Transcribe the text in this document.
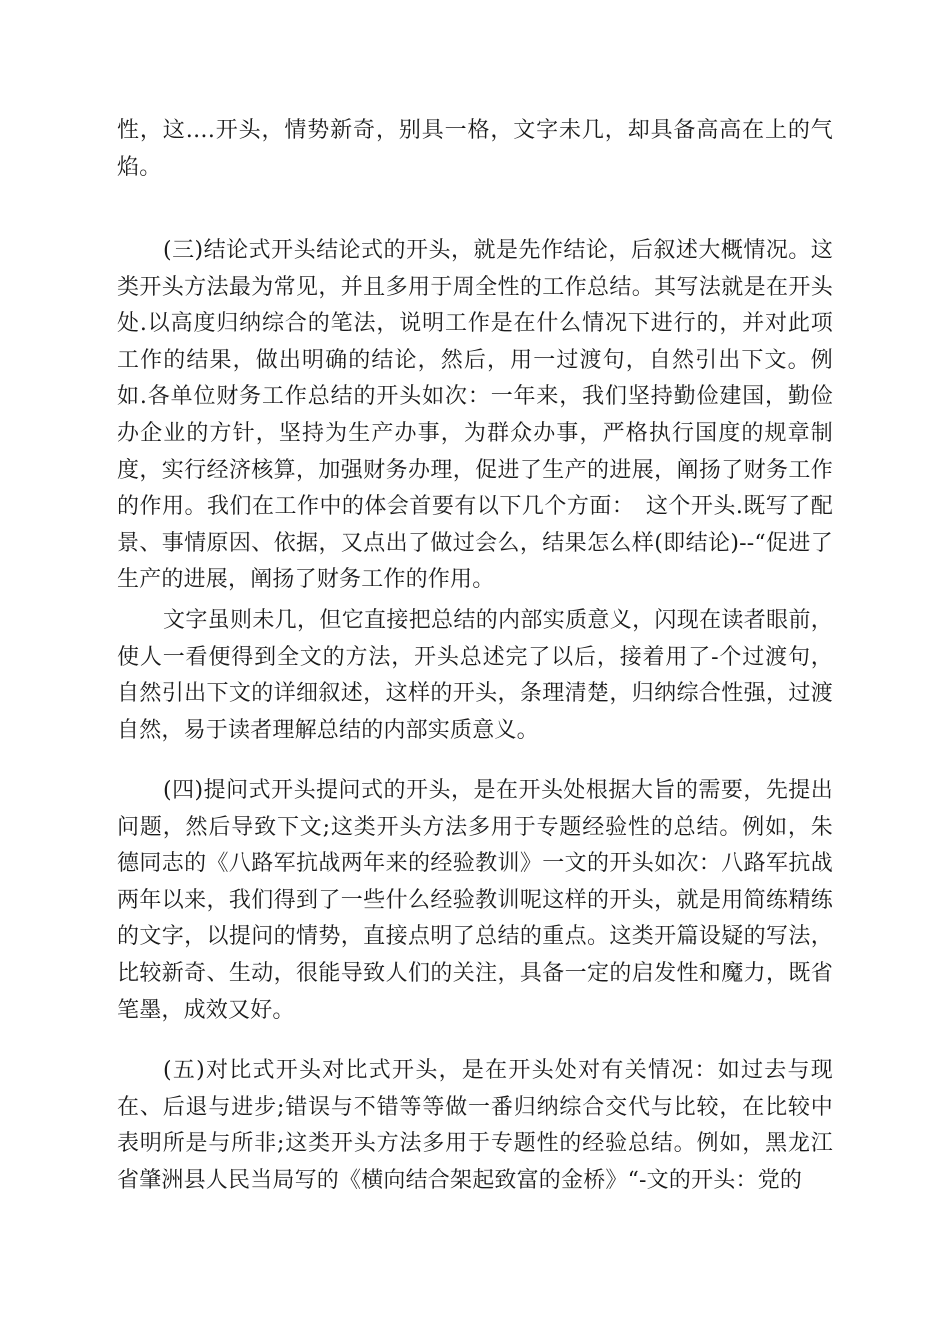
性，这….开头，情势新奇，别具一格，文字未几，却具备高高在上的气焰。

(三)结论式开头结论式的开头，就是先作结论，后叙述大概情况。这类开头方法最为常见，并且多用于周全性的工作总结。其写法就是在开头处.以高度归纳综合的笔法，说明工作是在什么情况下进行的，并对此项工作的结果，做出明确的结论，然后，用一过渡句，自然引出下文。例如.各单位财务工作总结的开头如次：一年来，我们坚持勤俭建国，勤俭办企业的方针，坚持为生产办事，为群众办事，严格执行国度的规章制度，实行经济核算，加强财务办理，促进了生产的进展，阐扬了财务工作的作用。我们在工作中的体会首要有以下几个方面：　这个开头.既写了配景、事情原因、依据，又点出了做过会么，结果怎么样(即结论)--“促进了生产的进展，阐扬了财务工作的作用。

文字虽则未几，但它直接把总结的内部实质意义，闪现在读者眼前，使人一看便得到全文的方法，开头总述完了以后，接着用了-个过渡句，自然引出下文的详细叙述，这样的开头，条理清楚，归纳综合性强，过渡自然，易于读者理解总结的内部实质意义。

(四)提问式开头提问式的开头，是在开头处根据大旨的需要，先提出问题，然后导致下文;这类开头方法多用于专题经验性的总结。例如，朱德同志的《八路军抗战两年来的经验教训》一文的开头如次：八路军抗战两年以来，我们得到了一些什么经验教训呢这样的开头，就是用简练精练的文字，以提问的情势，直接点明了总结的重点。这类开篇设疑的写法，比较新奇、生动，很能导致人们的关注，具备一定的启发性和魔力，既省笔墨，成效又好。

(五)对比式开头对比式开头，是在开头处对有关情况：如过去与现在、后退与进步;错误与不错等等做一番归纳综合交代与比较，在比较中表明所是与所非;这类开头方法多用于专题性的经验总结。例如，黑龙江省肇洲县人民当局写的《横向结合架起致富的金桥》“-文的开头：党的
